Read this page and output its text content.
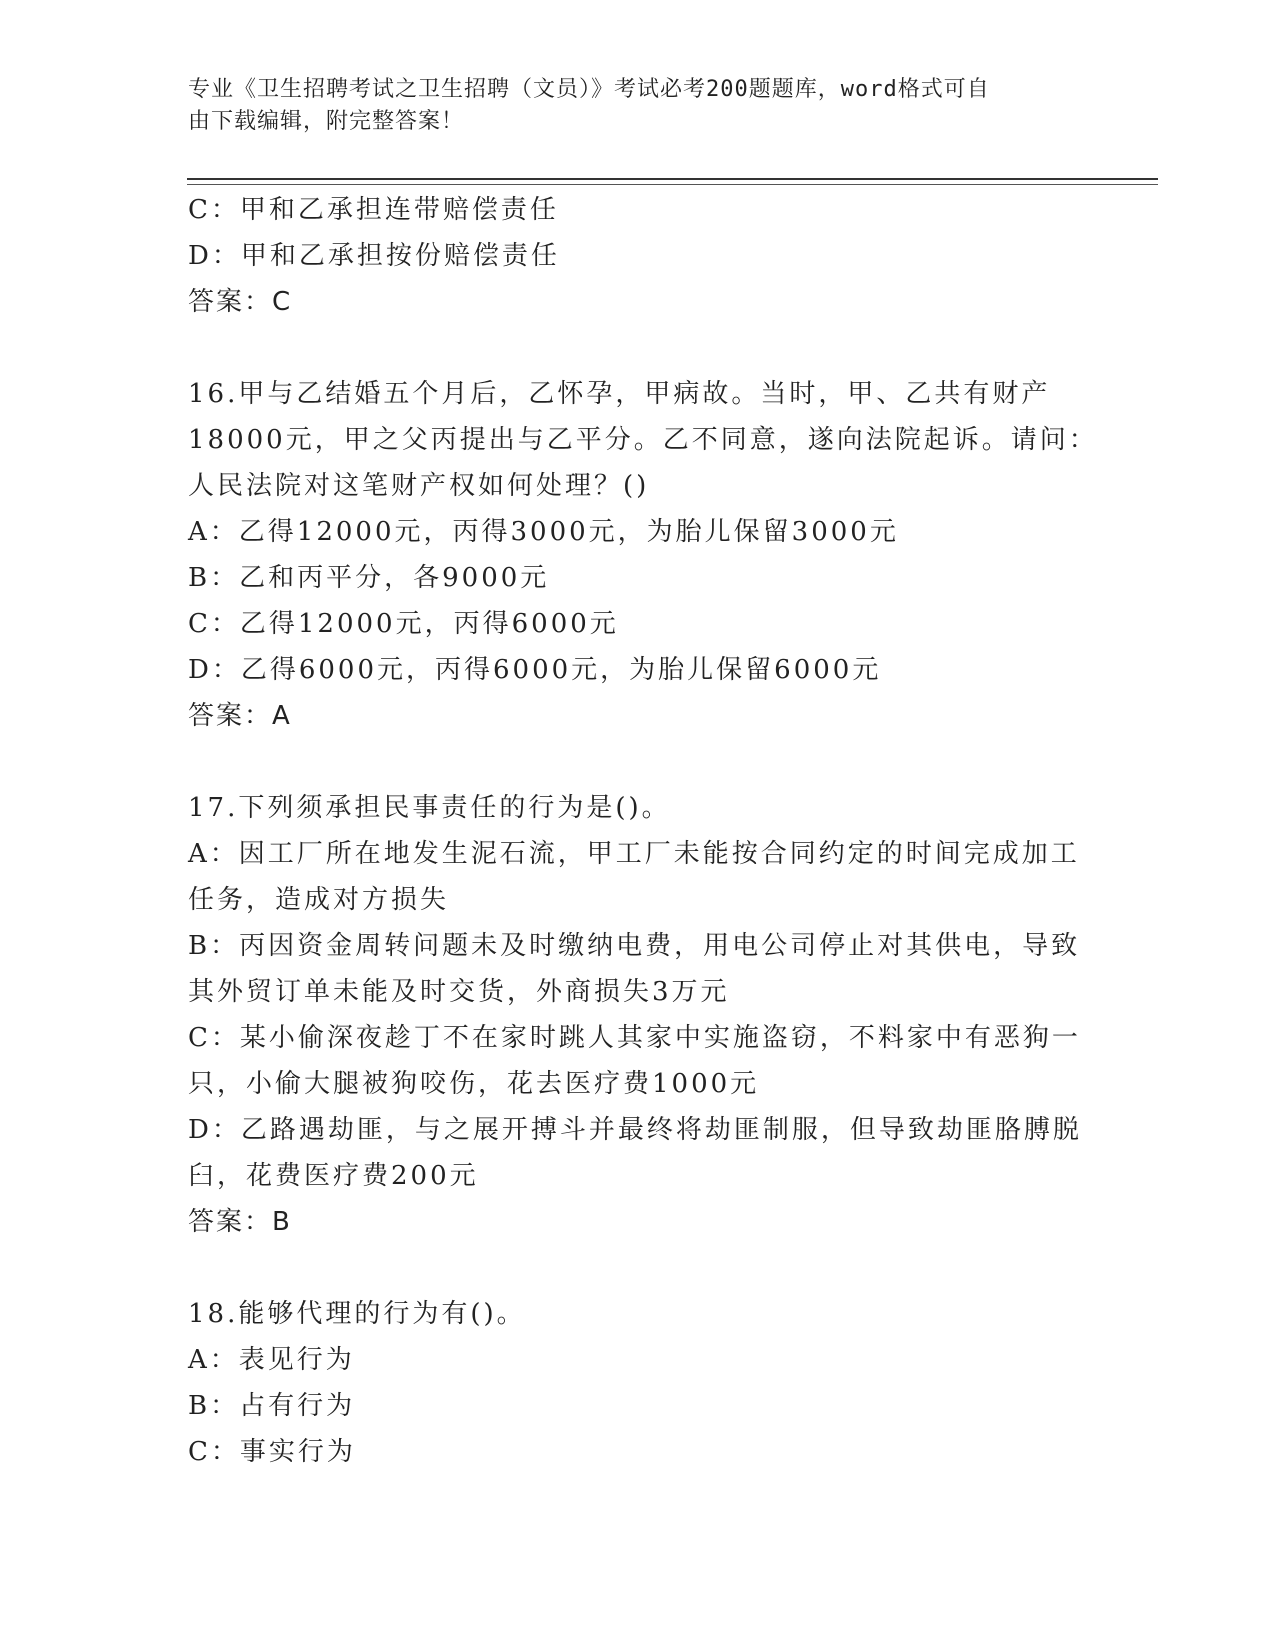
专业《卫生招聘考试之卫生招聘（文员）》考试必考200题题库，word格式可自
由下载编辑，附完整答案！
C：甲和乙承担连带赔偿责任
D：甲和乙承担按份赔偿责任
答案：C
16.甲与乙结婚五个月后，乙怀孕，甲病故。当时，甲、乙共有财产
18000元，甲之父丙提出与乙平分。乙不同意，遂向法院起诉。请问：
人民法院对这笔财产权如何处理？()
A：乙得12000元，丙得3000元，为胎儿保留3000元
B：乙和丙平分，各9000元
C：乙得12000元，丙得6000元
D：乙得6000元，丙得6000元，为胎儿保留6000元
答案：A
17.下列须承担民事责任的行为是()。
A：因工厂所在地发生泥石流，甲工厂未能按合同约定的时间完成加工
任务，造成对方损失
B：丙因资金周转问题未及时缴纳电费，用电公司停止对其供电，导致
其外贸订单未能及时交货，外商损失3万元
C：某小偷深夜趁丁不在家时跳人其家中实施盗窃，不料家中有恶狗一
只，小偷大腿被狗咬伤，花去医疗费1000元
D：乙路遇劫匪，与之展开搏斗并最终将劫匪制服，但导致劫匪胳膊脱
臼，花费医疗费200元
答案：B
18.能够代理的行为有()。
A：表见行为
B：占有行为
C：事实行为
